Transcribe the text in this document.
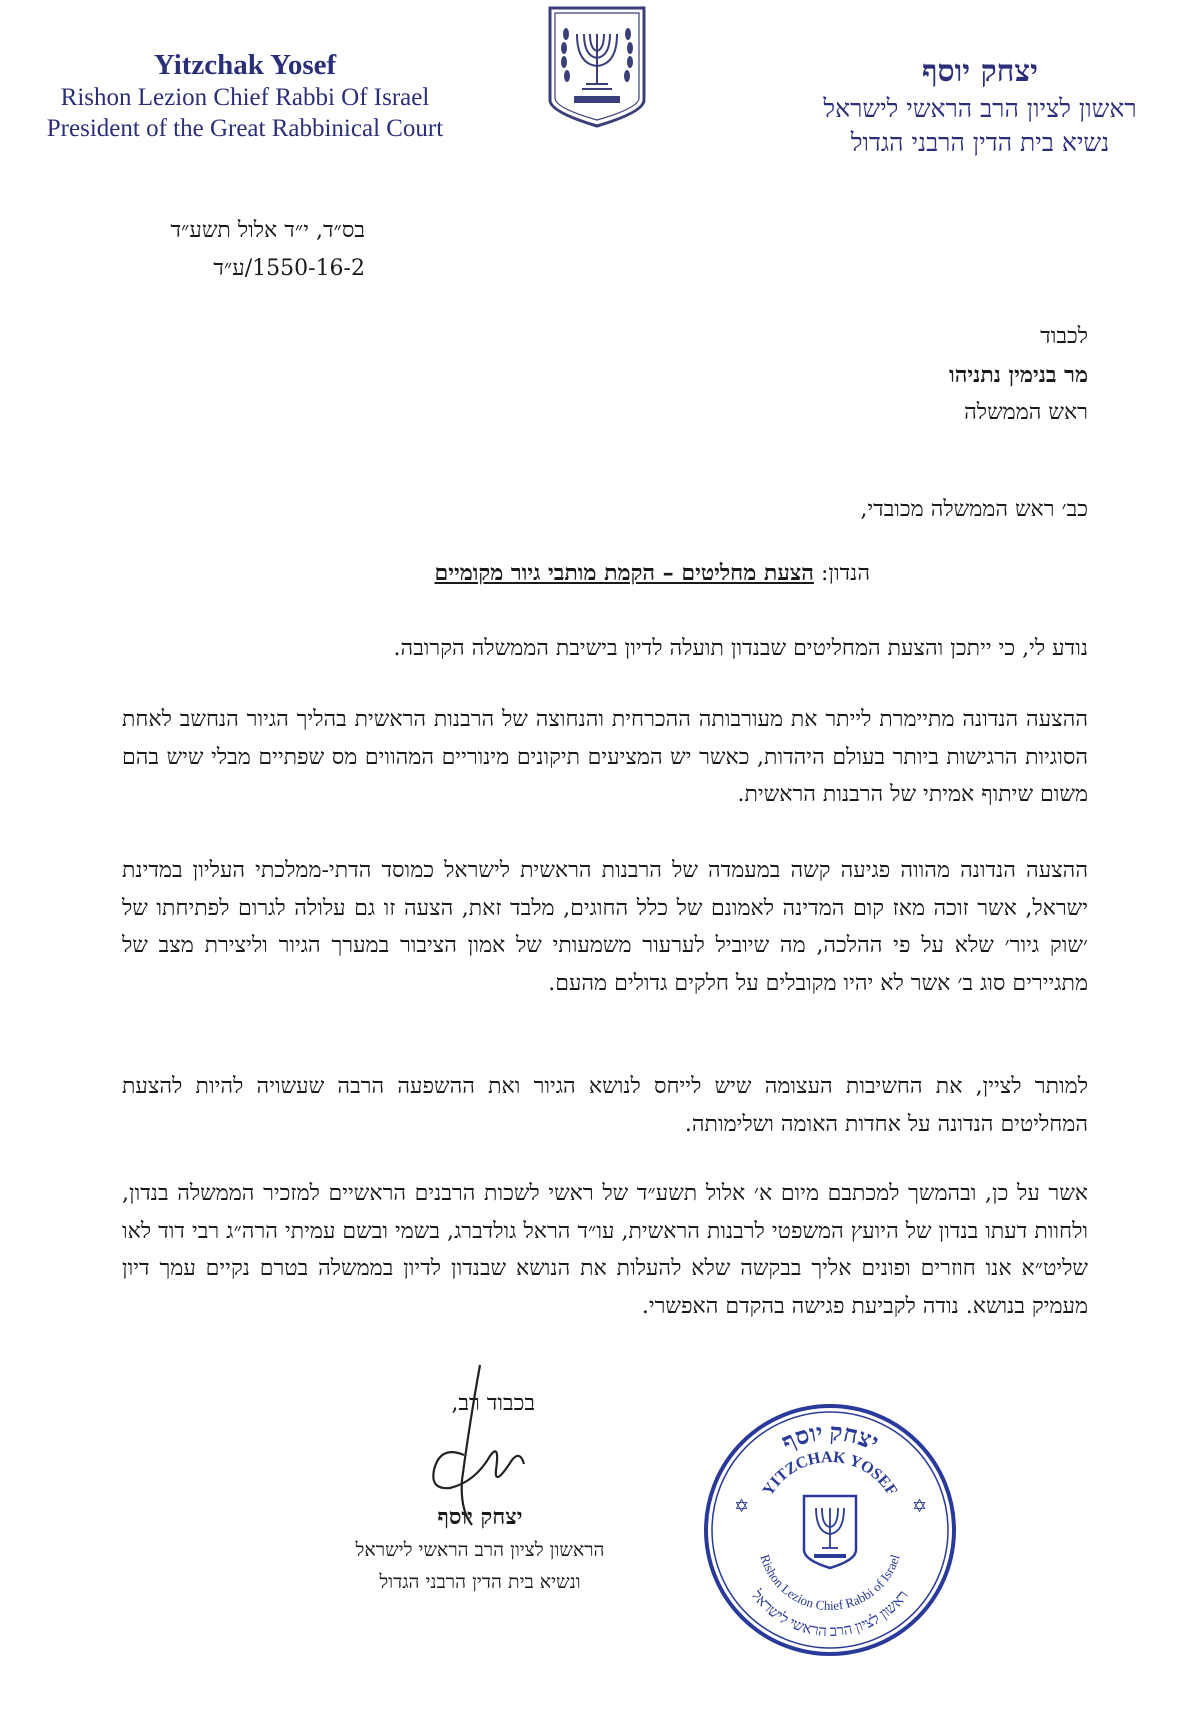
Yitzchak Yosef
Rishon Lezion Chief Rabbi Of Israel
President of the Great Rabbinical Court
יצחק יוסף
ראשון לציון הרב הראשי לישראל
נשיא בית הדין הרבני הגדול
בס״ד, י״ד אלול תשע״ד
1550-16-2/ע״ד
לכבוד
מר בנימין נתניהו
ראש הממשלה
כב׳ ראש הממשלה מכובדי,
הנדון: הצעת מחליטים – הקמת מותבי גיור מקומיים
נודע לי, כי ייתכן והצעת המחליטים שבנדון תועלה לדיון בישיבת הממשלה הקרובה.
ההצעה הנדונה מתיימרת לייתר את מעורבותה ההכרחית והנחוצה של הרבנות הראשית בהליך הגיור הנחשב לאחת הסוגיות הרגישות ביותר בעולם היהדות, כאשר יש המציעים תיקונים מינוריים המהווים מס שפתיים מבלי שיש בהם משום שיתוף אמיתי של הרבנות הראשית.
ההצעה הנדונה מהווה פגיעה קשה במעמדה של הרבנות הראשית לישראל כמוסד הדתי-ממלכתי העליון במדינת ישראל, אשר זוכה מאז קום המדינה לאמונם של כלל החוגים, מלבד זאת, הצעה זו גם עלולה לגרום לפתיחתו של ׳שוק גיור׳ שלא על פי ההלכה, מה שיוביל לערעור משמעותי של אמון הציבור במערך הגיור וליצירת מצב של מתגיירים סוג ב׳ אשר לא יהיו מקובלים על חלקים גדולים מהעם.
למותר לציין, את החשיבות העצומה שיש לייחס לנושא הגיור ואת ההשפעה הרבה שעשויה להיות להצעת המחליטים הנדונה על אחדות האומה ושלימותה.
אשר על כן, ובהמשך למכתבם מיום א׳ אלול תשע״ד של ראשי לשכות הרבנים הראשיים למזכיר הממשלה בנדון, ולחוות דעתו בנדון של היועץ המשפטי לרבנות הראשית, עו״ד הראל גולדברג, בשמי ובשם עמיתי הרה״ג רבי דוד לאו שליט״א אנו חוזרים ופונים אליך בבקשה שלא להעלות את הנושא שבנדון לדיון בממשלה בטרם נקיים עמך דיון מעמיק בנושא. נודה לקביעת פגישה בהקדם האפשרי.
בכבוד רב,
יצחק יוסף
הראשון לציון הרב הראשי לישראל
ונשיא בית הדין הרבני הגדול
יצחק יוסף
YITZCHAK YOSEF
Rishon Lezion Chief Rabbi of Israel
ראשון לציון הרב הראשי לישראל
✡	✡
